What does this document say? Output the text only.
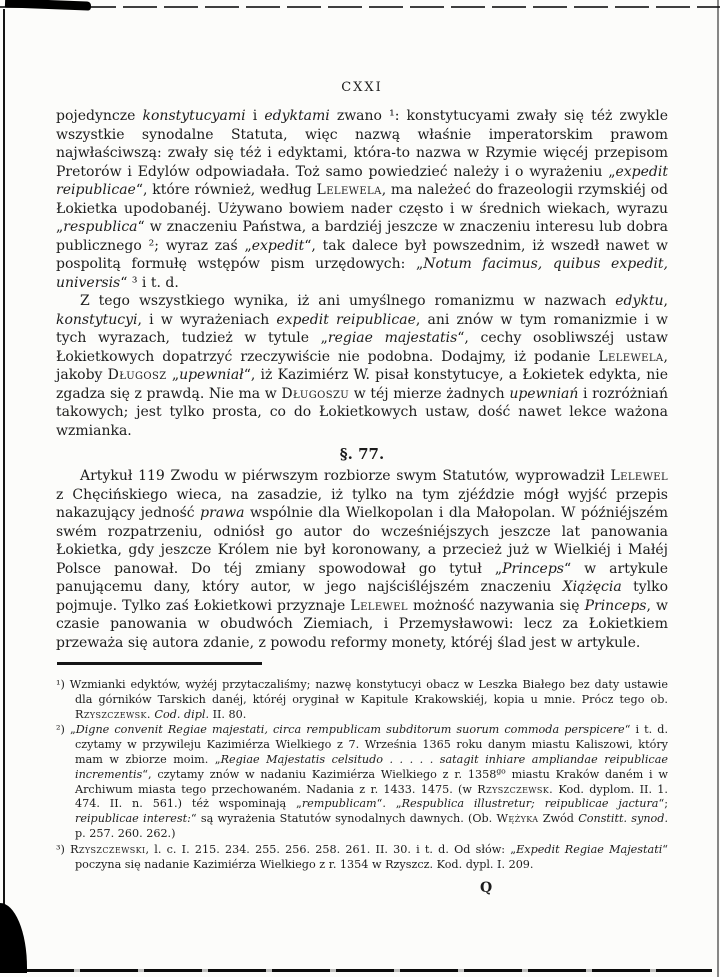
CXXI

pojedyncze konstytucyami i edyktami zwano ¹: konstytucyami zwały się téż zwykle wszystkie synodalne Statuta, więc nazwą właśnie imperatorskim prawom najwłaściwszą: zwały się téż i edyktami, która-to nazwa w Rzymie więcéj przepisom Pretorów i Edylów odpowiadała. Toż samo powiedzieć należy i o wyrażeniu „expedit reipublicae“, które również, według Lelewela, ma należeć do frazeologii rzymskiéj od Łokietka upodobanéj. Używano bowiem nader często i w średnich wiekach, wyrazu „respublica“ w znaczeniu Państwa, a bardziéj jeszcze w znaczeniu interesu lub dobra publicznego ²; wyraz zaś „expedit“, tak dalece był powszednim, iż wszedł nawet w pospolitą formułę wstępów pism urzędowych: „Notum facimus, quibus expedit, universis“ ³ i t. d.

Z tego wszystkiego wynika, iż ani umyślnego romanizmu w nazwach edyktu, konstytucyi, i w wyrażeniach expedit reipublicae, ani znów w tym romanizmie i w tych wyrazach, tudzież w tytule „regiae majestatis“, cechy osobliwszéj ustaw Łokietkowych dopatrzyć rzeczywiście nie podobna. Dodajmy, iż podanie Lelewela, jakoby Długosz „upewniał“, iż Kazimiérz W. pisał konstytucye, a Łokietek edykta, nie zgadza się z prawdą. Nie ma w Długoszu w téj mierze żadnych upewniań i rozróżniań takowych; jest tylko prosta, co do Łokietkowych ustaw, dość nawet lekce ważona wzmianka.

§. 77.

Artykuł 119 Zwodu w piérwszym rozbiorze swym Statutów, wyprowadził Lelewel z Chęcińskiego wieca, na zasadzie, iż tylko na tym zjéździe mógł wyjść przepis nakazujący jedność prawa wspólnie dla Wielkopolan i dla Małopolan. W późniéjszém swém rozpatrzeniu, odniósł go autor do wcześniéjszych jeszcze lat panowania Łokietka, gdy jeszcze Królem nie był koronowany, a przecież już w Wielkiéj i Małéj Polsce panował. Do téj zmiany spowodował go tytuł „Princeps“ w artykule panującemu dany, który autor, w jego najściśléjszém znaczeniu Xiążęcia tylko pojmuje. Tylko zaś Łokietkowi przyznaje Lelewel możność nazywania się Princeps, w czasie panowania w obudwóch Ziemiach, i Przemysławowi: lecz za Łokietkiem przeważa się autora zdanie, z powodu reformy monety, któréj ślad jest w artykule.

¹) Wzmianki edyktów, wyżéj przytaczaliśmy; nazwę konstytucyi obacz w Leszka Białego bez daty ustawie dla górników Tarskich danéj, któréj oryginał w Kapitule Krakowskiéj, kopia u mnie. Prócz tego ob. Rzyszczewsk. Cod. dipl. II. 80.
²) „Digne convenit Regiae majestati, circa rempublicam subditorum suorum commoda perspicere“ i t. d. czytamy w przywileju Kazimiérza Wielkiego z 7. Września 1365 roku danym miastu Kaliszowi, który mam w zbiorze moim. „Regiae Majestatis celsitudo . . . . . satagit inhiare ampliandae reipublicae incrementis“, czytamy znów w nadaniu Kazimiérza Wielkiego z r. $1358^{go}$ miastu Kraków daném i w Archiwum miasta tego przechowaném. Nadania z r. 1433. 1475. (w Rzyszczewsk. Kod. dyplom. II. 1. 474. II. n. 561.) téż wspominają „rempublicam“. „Respublica illustretur; reipublicae jactura“; reipublicae interest:“ są wyrażenia Statutów synodalnych dawnych. (Ob. Wężyka Zwód Constitt. synod. p. 257. 260. 262.)
³) Rzyszczewski, l. c. I. 215. 234. 255. 256. 258. 261. II. 30. i t. d. Od słów: „Expedit Regiae Majestati“ poczyna się nadanie Kazimiérza Wielkiego z r. 1354 w Rzyszcz. Kod. dypl. I. 209.
Q
